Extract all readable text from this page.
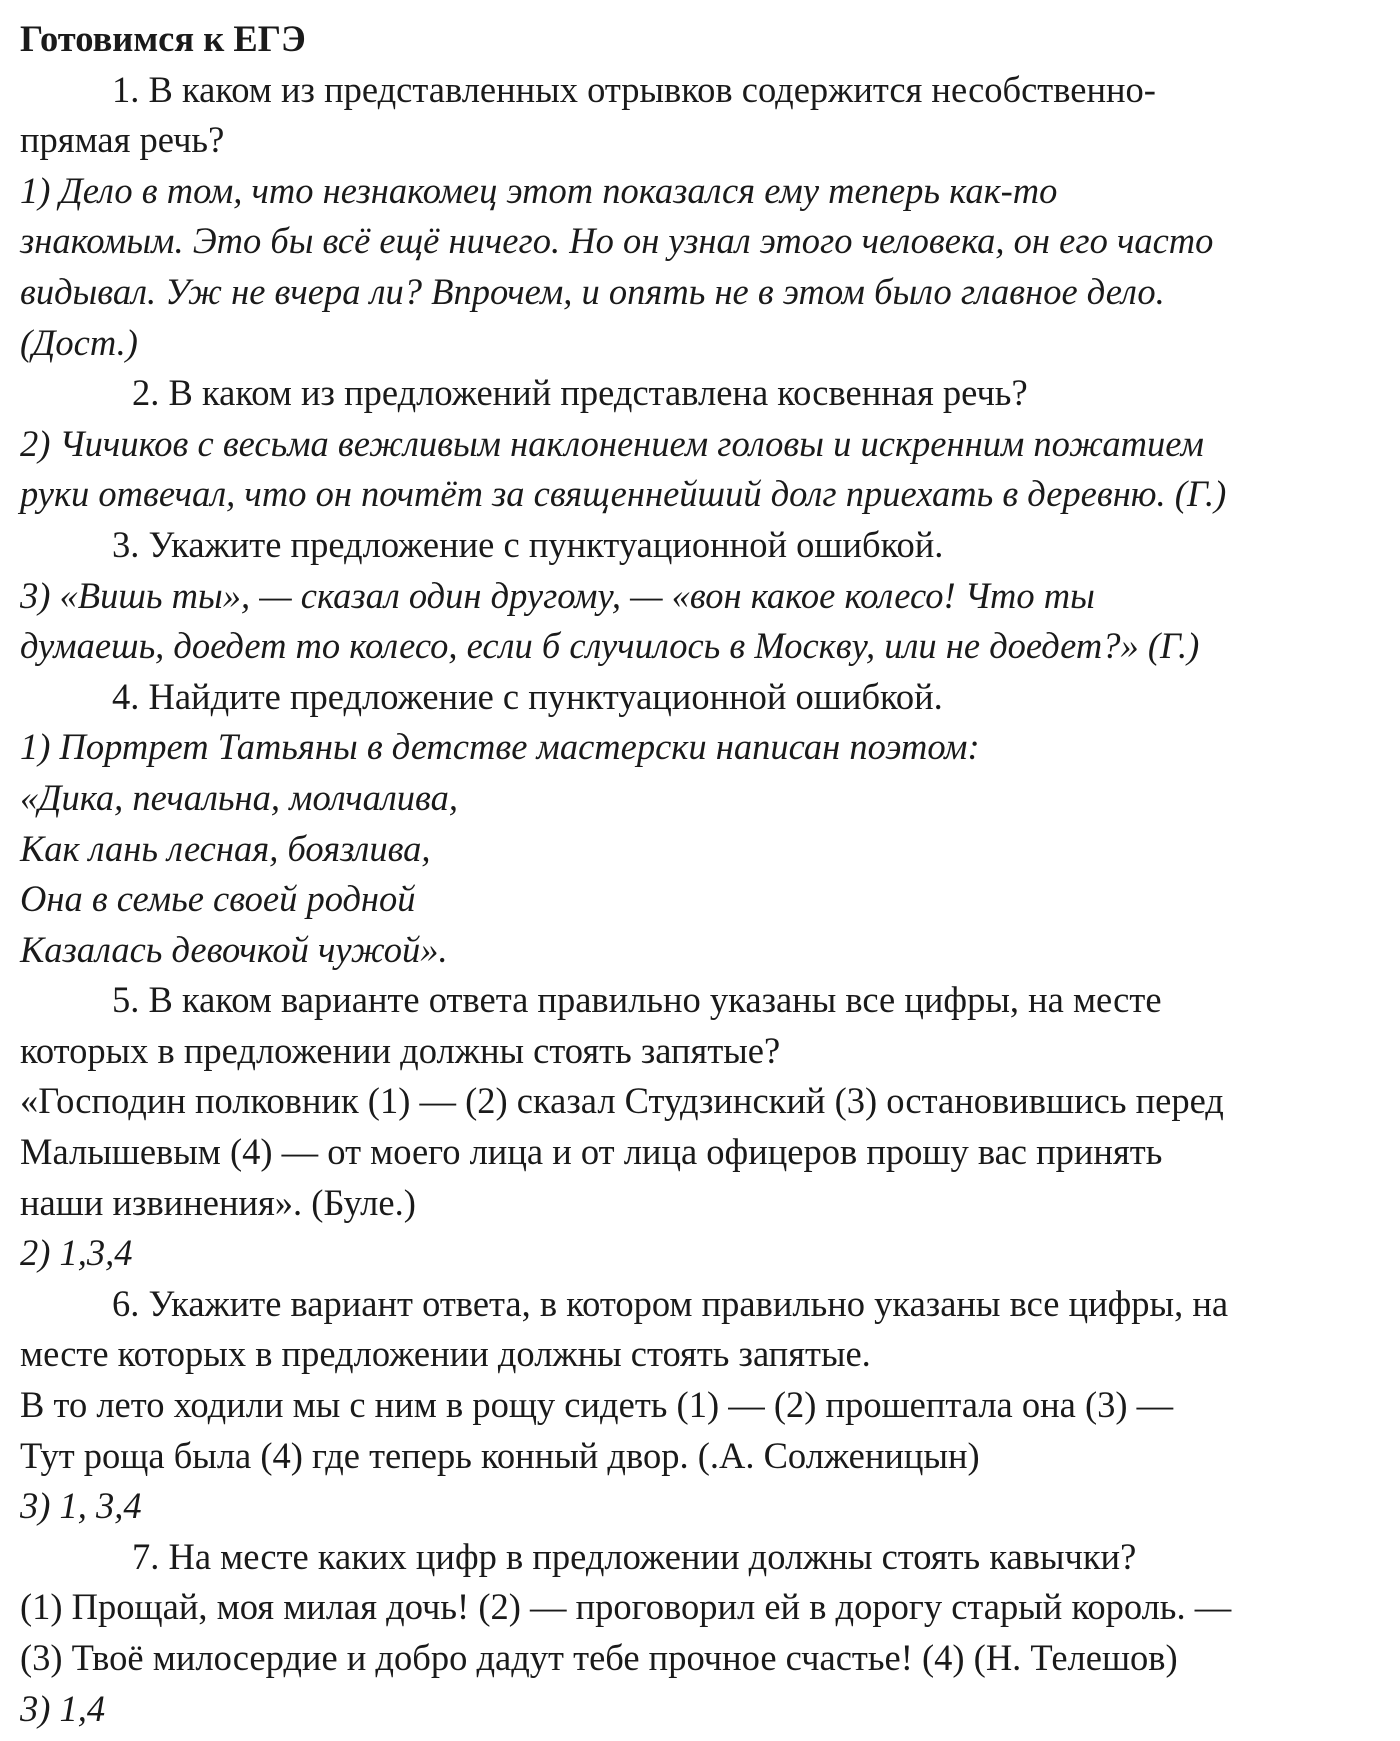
Готовимся к ЕГЭ
1. В каком из представленных отрывков содержится несобственно-
прямая речь?
1) Дело в том, что незнакомец этот показался ему теперь как-то
знакомым. Это бы всё ещё ничего. Но он узнал этого человека, он его часто
видывал. Уж не вчера ли? Впрочем, и опять не в этом было главное дело.
(Дост.)
2. В каком из предложений представлена косвенная речь?
2) Чичиков с весьма вежливым наклонением головы и искренним пожатием
руки отвечал, что он почтёт за священнейший долг приехать в деревню. (Г.)
3. Укажите предложение с пунктуационной ошибкой.
3) «Вишь ты», — сказал один другому, — «вон какое колесо! Что ты
думаешь, доедет то колесо, если б случилось в Москву, или не доедет?» (Г.)
4. Найдите предложение с пунктуационной ошибкой.
1) Портрет Татьяны в детстве мастерски написан поэтом:
«Дика, печальна, молчалива,
Как лань лесная, боязлива,
Она в семье своей родной
Казалась девочкой чужой».
5. В каком варианте ответа правильно указаны все цифры, на месте
которых в предложении должны стоять запятые?
«Господин полковник (1) — (2) сказал Студзинский (3) остановившись перед
Малышевым (4) — от моего лица и от лица офицеров прошу вас принять
наши извинения». (Буле.)
2) 1,3,4
6. Укажите вариант ответа, в котором правильно указаны все цифры, на
месте которых в предложении должны стоять запятые.
В то лето ходили мы с ним в рощу сидеть (1) — (2) прошептала она (3) —
Тут роща была (4) где теперь конный двор. (.А. Солженицын)
3) 1, 3,4
7. На месте каких цифр в предложении должны стоять кавычки?
(1) Прощай, моя милая дочь! (2) — проговорил ей в дорогу старый король. —
(3) Твоё милосердие и добро дадут тебе прочное счастье! (4) (Н. Телешов)
3) 1,4
